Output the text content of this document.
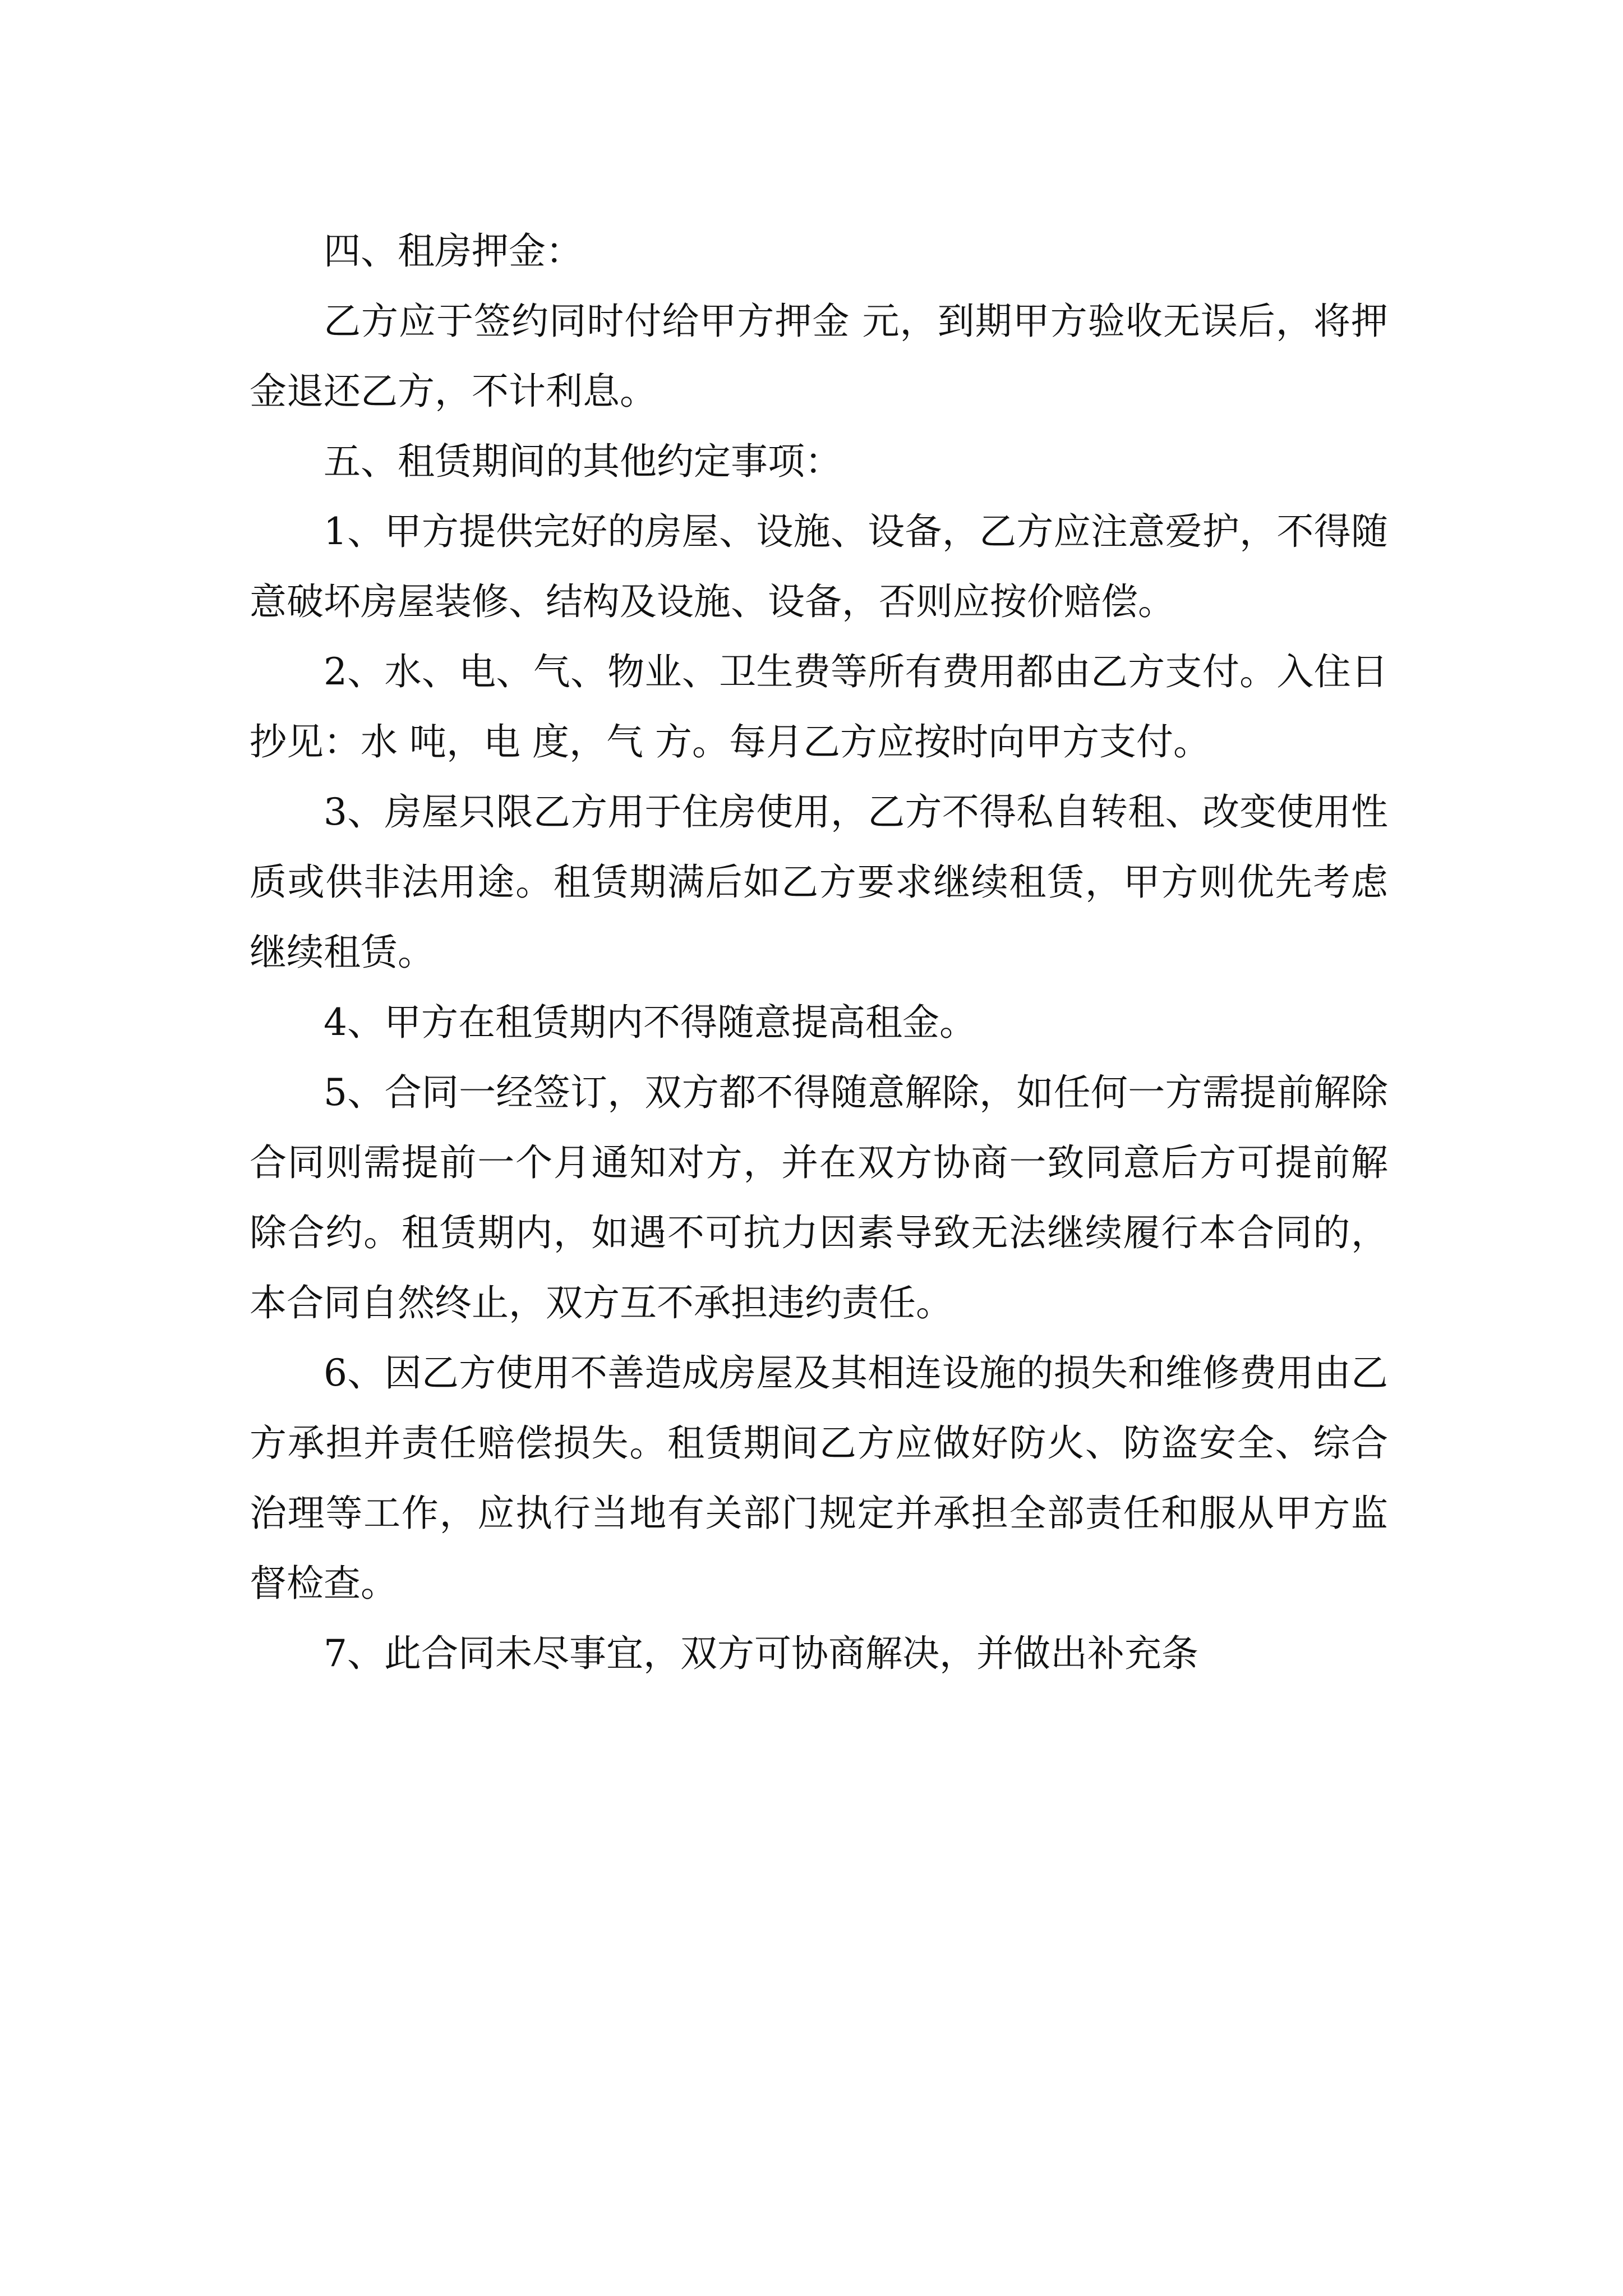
四、租房押金：

乙方应于签约同时付给甲方押金 元，到期甲方验收无误后，将押金退还乙方，不计利息。

五、租赁期间的其他约定事项：

1、甲方提供完好的房屋、设施、设备，乙方应注意爱护，不得随意破坏房屋装修、结构及设施、设备，否则应按价赔偿。

2、水、电、气、物业、卫生费等所有费用都由乙方支付。入住日抄见：水 吨，电 度，气 方。每月乙方应按时向甲方支付。

3、房屋只限乙方用于住房使用，乙方不得私自转租、改变使用性质或供非法用途。租赁期满后如乙方要求继续租赁，甲方则优先考虑继续租赁。

4、甲方在租赁期内不得随意提高租金。

5、合同一经签订，双方都不得随意解除，如任何一方需提前解除合同则需提前一个月通知对方，并在双方协商一致同意后方可提前解除合约。租赁期内，如遇不可抗力因素导致无法继续履行本合同的，本合同自然终止，双方互不承担违约责任。

6、因乙方使用不善造成房屋及其相连设施的损失和维修费用由乙方承担并责任赔偿损失。租赁期间乙方应做好防火、防盗安全、综合治理等工作，应执行当地有关部门规定并承担全部责任和服从甲方监督检查。

7、此合同未尽事宜，双方可协商解决，并做出补充条
